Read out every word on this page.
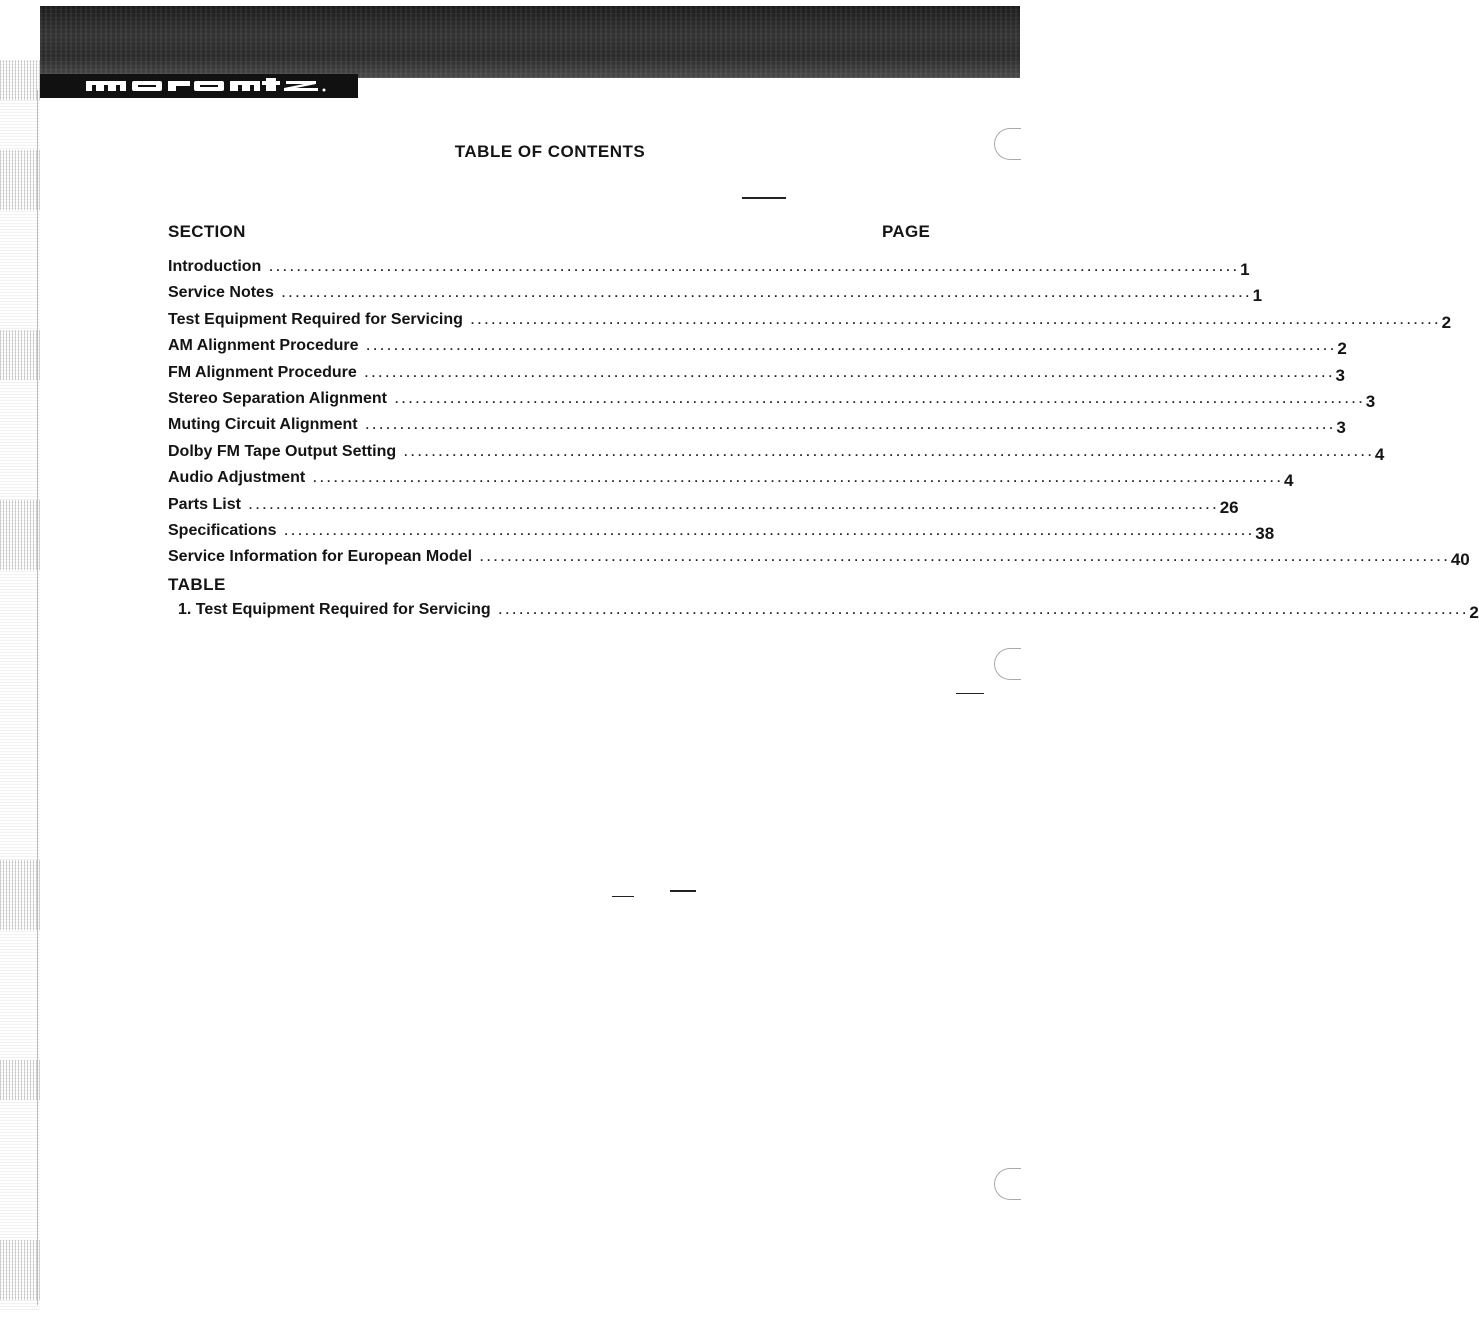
TABLE OF CONTENTS
SECTION	PAGE
Introduction ............................................................................................................................................ 1
Service Notes ............................................................................................................................................ 1
Test Equipment Required for Servicing ............................................................................................................................................ 2
AM Alignment Procedure ............................................................................................................................................ 2
FM Alignment Procedure ............................................................................................................................................ 3
Stereo Separation Alignment ............................................................................................................................................ 3
Muting Circuit Alignment ............................................................................................................................................ 3
Dolby FM Tape Output Setting ............................................................................................................................................ 4
Audio Adjustment ............................................................................................................................................ 4
Parts List ............................................................................................................................................ 26
Specifications ............................................................................................................................................ 38
Service Information for European Model ............................................................................................................................................ 40
TABLE
1. Test Equipment Required for Servicing ............................................................................................................................................ 2
